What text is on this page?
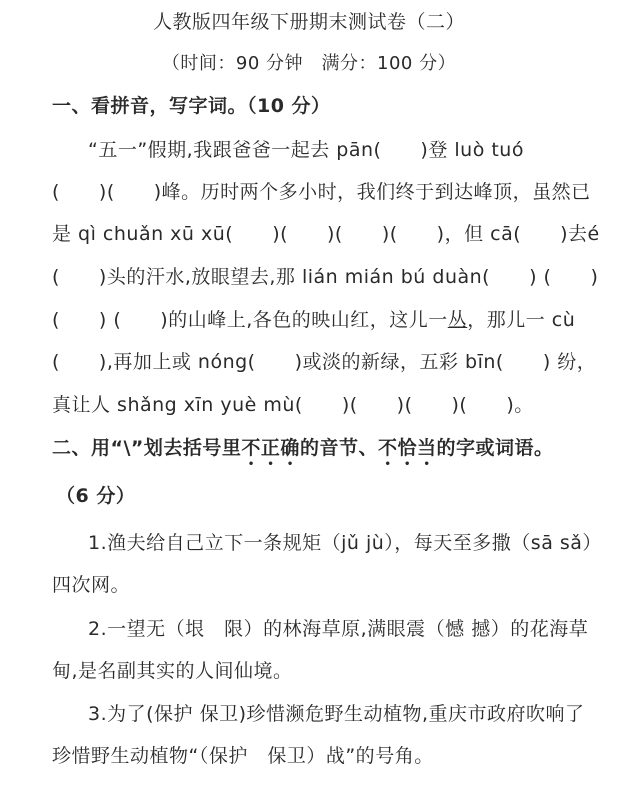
人教版四年级下册期末测试卷（二）
（时间：90 分钟　满分：100 分）
一、看拼音，写字词。（10 分）
“五一”假期,我跟爸爸一起去 pān(　　)登 luò tuó
(　　)(　　)峰。历时两个多小时，我们终于到达峰顶，虽然已
是 qì chuǎn xū xū(　　)(　　)(　　)(　　)，但 cā(　　)去é
(　　)头的汗水,放眼望去,那 lián mián bú duàn(　　) (　　)
(　　) (　　)的山峰上,各色的映山红，这儿一丛，那儿一 cù
(　　),再加上或 nóng(　　)或淡的新绿，五彩 bīn(　　) 纷，
真让人 shǎng xīn yuè mù(　　)(　　)(　　)(　　)。
二、用“\”划去括号里不正确的音节、不恰当的字或词语。
（6 分）
1.渔夫给自己立下一条规矩（jǔ jù），每天至多撒（sā sǎ）
四次网。
2.一望无（垠　限）的林海草原,满眼震（憾 撼）的花海草
甸,是名副其实的人间仙境。
3.为了(保护 保卫)珍惜濒危野生动植物,重庆市政府吹响了
珍惜野生动植物“（保护　保卫）战”的号角。
